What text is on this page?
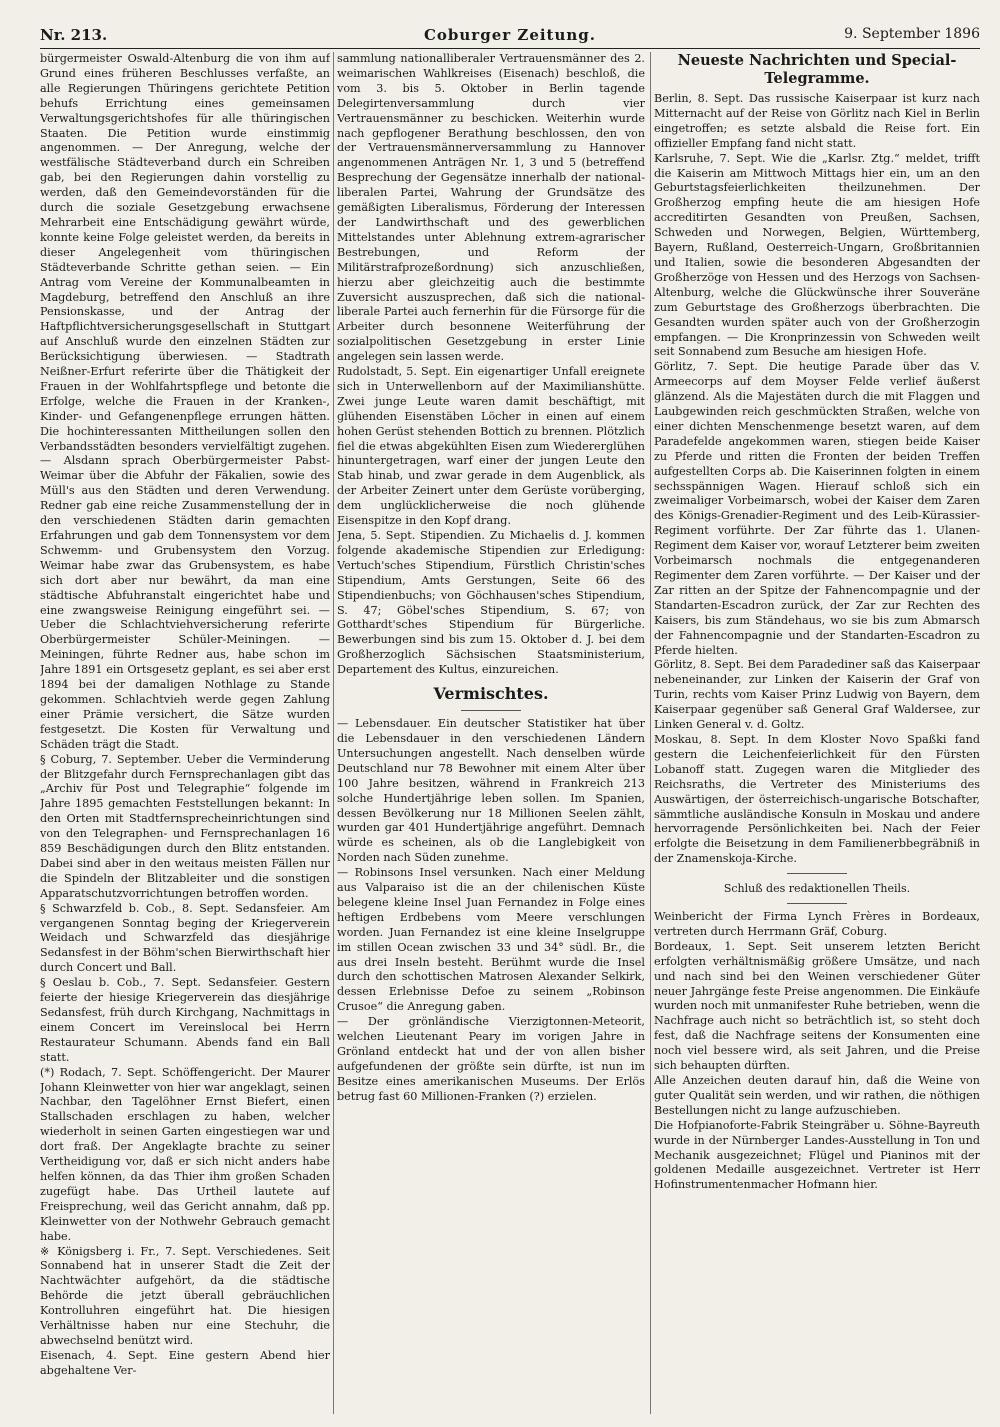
Nr. 213.	Coburger Zeitung.	9. September 1896

bürgermeister Oswald-Altenburg die von ihm auf Grund eines früheren Beschlusses verfaßte, an alle Regierungen Thüringens gerichtete Petition behufs Errichtung eines gemeinsamen Verwaltungsgerichtshofes für alle thüringischen Staaten. Die Petition wurde einstimmig angenommen. — Der Anregung, welche der westfälische Städteverband durch ein Schreiben gab, bei den Regierungen dahin vorstellig zu werden, daß den Gemeindevorständen für die durch die soziale Gesetzgebung erwachsene Mehrarbeit eine Entschädigung gewährt würde, konnte keine Folge geleistet werden, da bereits in dieser Angelegenheit vom thüringischen Städteverbande Schritte gethan seien. — Ein Antrag vom Vereine der Kommunalbeamten in Magdeburg, betreffend den Anschluß an ihre Pensionskasse, und der Antrag der Haftpflichtversicherungsgesellschaft in Stuttgart auf Anschluß wurde den einzelnen Städten zur Berücksichtigung überwiesen. — Stadtrath Neißner-Erfurt referirte über die Thätigkeit der Frauen in der Wohlfahrtspflege und betonte die Erfolge, welche die Frauen in der Kranken-, Kinder- und Gefangenenpflege errungen hätten. Die hochinteressanten Mittheilungen sollen den Verbandsstädten besonders vervielfältigt zugehen. — Alsdann sprach Oberbürgermeister Pabst-Weimar über die Abfuhr der Fäkalien, sowie des Müll's aus den Städten und deren Verwendung. Redner gab eine reiche Zusammenstellung der in den verschiedenen Städten darin gemachten Erfahrungen und gab dem Tonnensystem vor dem Schwemm- und Grubensystem den Vorzug. Weimar habe zwar das Grubensystem, es habe sich dort aber nur bewährt, da man eine städtische Abfuhranstalt eingerichtet habe und eine zwangsweise Reinigung eingeführt sei. — Ueber die Schlachtviehversicherung referirte Oberbürgermeister Schüler-Meiningen. — Meiningen, führte Redner aus, habe schon im Jahre 1891 ein Ortsgesetz geplant, es sei aber erst 1894 bei der damaligen Nothlage zu Stande gekommen. Schlachtvieh werde gegen Zahlung einer Prämie versichert, die Sätze wurden festgesetzt. Die Kosten für Verwaltung und Schäden trägt die Stadt.

§ Coburg, 7. September. Ueber die Verminderung der Blitzgefahr durch Fernsprechanlagen gibt das „Archiv für Post und Telegraphie“ folgende im Jahre 1895 gemachten Feststellungen bekannt: In den Orten mit Stadtfernsprecheinrichtungen sind von den Telegraphen- und Fernsprechanlagen 16 859 Beschädigungen durch den Blitz entstanden. Dabei sind aber in den weitaus meisten Fällen nur die Spindeln der Blitzableiter und die sonstigen Apparatschutzvorrichtungen betroffen worden.

§ Schwarzfeld b. Cob., 8. Sept. Sedansfeier. Am vergangenen Sonntag beging der Kriegerverein Weidach und Schwarzfeld das diesjährige Sedansfest in der Böhm'schen Bierwirthschaft hier durch Concert und Ball.

§ Oeslau b. Cob., 7. Sept. Sedansfeier. Gestern feierte der hiesige Kriegerverein das diesjährige Sedansfest, früh durch Kirchgang, Nachmittags in einem Concert im Vereinslocal bei Herrn Restaurateur Schumann. Abends fand ein Ball statt.

(*) Rodach, 7. Sept. Schöffengericht. Der Maurer Johann Kleinwetter von hier war angeklagt, seinen Nachbar, den Tagelöhner Ernst Biefert, einen Stallschaden erschlagen zu haben, welcher wiederholt in seinen Garten eingestiegen war und dort fraß. Der Angeklagte brachte zu seiner Vertheidigung vor, daß er sich nicht anders habe helfen können, da das Thier ihm großen Schaden zugefügt habe. Das Urtheil lautete auf Freisprechung, weil das Gericht annahm, daß pp. Kleinwetter von der Nothwehr Gebrauch gemacht habe.

※ Königsberg i. Fr., 7. Sept. Verschiedenes. Seit Sonnabend hat in unserer Stadt die Zeit der Nachtwächter aufgehört, da die städtische Behörde die jetzt überall gebräuchlichen Kontrolluhren eingeführt hat. Die hiesigen Verhältnisse haben nur eine Stechuhr, die abwechselnd benützt wird.

Eisenach, 4. Sept. Eine gestern Abend hier abgehaltene Ver-

sammlung nationalliberaler Vertrauensmänner des 2. weimarischen Wahlkreises (Eisenach) beschloß, die vom 3. bis 5. Oktober in Berlin tagende Delegirtenversammlung durch vier Vertrauensmänner zu beschicken. Weiterhin wurde nach gepflogener Berathung beschlossen, den von der Vertrauensmännerversammlung zu Hannover angenommenen Anträgen Nr. 1, 3 und 5 (betreffend Besprechung der Gegensätze innerhalb der national-liberalen Partei, Wahrung der Grundsätze des gemäßigten Liberalismus, Förderung der Interessen der Landwirthschaft und des gewerblichen Mittelstandes unter Ablehnung extrem-agrarischer Bestrebungen, und Reform der Militärstrafprozeßordnung) sich anzuschließen, hierzu aber gleichzeitig auch die bestimmte Zuversicht auszusprechen, daß sich die national-liberale Partei auch fernerhin für die Fürsorge für die Arbeiter durch besonnene Weiterführung der sozialpolitischen Gesetzgebung in erster Linie angelegen sein lassen werde.

Rudolstadt, 5. Sept. Ein eigenartiger Unfall ereignete sich in Unterwellenborn auf der Maximilianshütte. Zwei junge Leute waren damit beschäftigt, mit glühenden Eisenstäben Löcher in einen auf einem hohen Gerüst stehenden Bottich zu brennen. Plötzlich fiel die etwas abgekühlten Eisen zum Wiedererglühen hinuntergetragen, warf einer der jungen Leute den Stab hinab, und zwar gerade in dem Augenblick, als der Arbeiter Zeinert unter dem Gerüste vorüberging, dem unglücklicherweise die noch glühende Eisenspitze in den Kopf drang.

Jena, 5. Sept. Stipendien. Zu Michaelis d. J. kommen folgende akademische Stipendien zur Erledigung: Vertuch'sches Stipendium, Fürstlich Christin'sches Stipendium, Amts Gerstungen, Seite 66 des Stipendienbuchs; von Göchhausen'sches Stipendium, S. 47; Göbel'sches Stipendium, S. 67; von Gotthardt'sches Stipendium für Bürgerliche. Bewerbungen sind bis zum 15. Oktober d. J. bei dem Großherzoglich Sächsischen Staatsministerium, Departement des Kultus, einzureichen.

Vermischtes.

— Lebensdauer. Ein deutscher Statistiker hat über die Lebensdauer in den verschiedenen Ländern Untersuchungen angestellt. Nach denselben würde Deutschland nur 78 Bewohner mit einem Alter über 100 Jahre besitzen, während in Frankreich 213 solche Hundertjährige leben sollen. Im Spanien, dessen Bevölkerung nur 18 Millionen Seelen zählt, wurden gar 401 Hundertjährige angeführt. Demnach würde es scheinen, als ob die Langlebigkeit von Norden nach Süden zunehme.

— Robinsons Insel versunken. Nach einer Meldung aus Valparaiso ist die an der chilenischen Küste belegene kleine Insel Juan Fernandez in Folge eines heftigen Erdbebens vom Meere verschlungen worden. Juan Fernandez ist eine kleine Inselgruppe im stillen Ocean zwischen 33 und 34° südl. Br., die aus drei Inseln besteht. Berühmt wurde die Insel durch den schottischen Matrosen Alexander Selkirk, dessen Erlebnisse Defoe zu seinem „Robinson Crusoe“ die Anregung gaben.

— Der grönländische Vierzigtonnen-Meteorit, welchen Lieutenant Peary im vorigen Jahre in Grönland entdeckt hat und der von allen bisher aufgefundenen der größte sein dürfte, ist nun im Besitze eines amerikanischen Museums. Der Erlös betrug fast 60 Millionen-Franken (?) erzielen.

Neueste Nachrichten und Special-Telegramme.

Berlin, 8. Sept. Das russische Kaiserpaar ist kurz nach Mitternacht auf der Reise von Görlitz nach Kiel in Berlin eingetroffen; es setzte alsbald die Reise fort. Ein offizieller Empfang fand nicht statt.

Karlsruhe, 7. Sept. Wie die „Karlsr. Ztg.“ meldet, trifft die Kaiserin am Mittwoch Mittags hier ein, um an den Geburtstagsfeierlichkeiten theilzunehmen. Der Großherzog empfing heute die am hiesigen Hofe accreditirten Gesandten von Preußen, Sachsen, Schweden und Norwegen, Belgien, Württemberg, Bayern, Rußland, Oesterreich-Ungarn, Großbritannien und Italien, sowie die besonderen Abgesandten der Großherzöge von Hessen und des Herzogs von Sachsen-Altenburg, welche die Glückwünsche ihrer Souveräne zum Geburtstage des Großherzogs überbrachten. Die Gesandten wurden später auch von der Großherzogin empfangen. — Die Kronprinzessin von Schweden weilt seit Sonnabend zum Besuche am hiesigen Hofe.

Görlitz, 7. Sept. Die heutige Parade über das V. Armeecorps auf dem Moyser Felde verlief äußerst glänzend. Als die Majestäten durch die mit Flaggen und Laubgewinden reich geschmückten Straßen, welche von einer dichten Menschenmenge besetzt waren, auf dem Paradefelde angekommen waren, stiegen beide Kaiser zu Pferde und ritten die Fronten der beiden Treffen aufgestellten Corps ab. Die Kaiserinnen folgten in einem sechsspännigen Wagen. Hierauf schloß sich ein zweimaliger Vorbeimarsch, wobei der Kaiser dem Zaren des Königs-Grenadier-Regiment und des Leib-Kürassier-Regiment vorführte. Der Zar führte das 1. Ulanen-Regiment dem Kaiser vor, worauf Letzterer beim zweiten Vorbeimarsch nochmals die entgegenanderen Regimenter dem Zaren vorführte. — Der Kaiser und der Zar ritten an der Spitze der Fahnencompagnie und der Standarten-Escadron zurück, der Zar zur Rechten des Kaisers, bis zum Ständehaus, wo sie bis zum Abmarsch der Fahnencompagnie und der Standarten-Escadron zu Pferde hielten.

Görlitz, 8. Sept. Bei dem Paradediner saß das Kaiserpaar nebeneinander, zur Linken der Kaiserin der Graf von Turin, rechts vom Kaiser Prinz Ludwig von Bayern, dem Kaiserpaar gegenüber saß General Graf Waldersee, zur Linken General v. d. Goltz.

Moskau, 8. Sept. In dem Kloster Novo Spaßki fand gestern die Leichenfeierlichkeit für den Fürsten Lobanoff statt. Zugegen waren die Mitglieder des Reichsraths, die Vertreter des Ministeriums des Auswärtigen, der österreichisch-ungarische Botschafter, sämmtliche ausländische Konsuln in Moskau und andere hervorragende Persönlichkeiten bei. Nach der Feier erfolgte die Beisetzung in dem Familienerbbegräbniß in der Znamenskoja-Kirche.

Schluß des redaktionellen Theils.

Weinbericht der Firma Lynch Frères in Bordeaux, vertreten durch Herrmann Gräf, Coburg.

Bordeaux, 1. Sept. Seit unserem letzten Bericht erfolgten verhältnismäßig größere Umsätze, und nach und nach sind bei den Weinen verschiedener Güter neuer Jahrgänge feste Preise angenommen. Die Einkäufe wurden noch mit unmanifester Ruhe betrieben, wenn die Nachfrage auch nicht so beträchtlich ist, so steht doch fest, daß die Nachfrage seitens der Konsumenten eine noch viel bessere wird, als seit Jahren, und die Preise sich behaupten dürften.

Alle Anzeichen deuten darauf hin, daß die Weine von guter Qualität sein werden, und wir rathen, die nöthigen Bestellungen nicht zu lange aufzuschieben.

Die Hofpianoforte-Fabrik Steingräber u. Söhne-Bayreuth wurde in der Nürnberger Landes-Ausstellung in Ton und Mechanik ausgezeichnet; Flügel und Pianinos mit der goldenen Medaille ausgezeichnet. Vertreter ist Herr Hofinstrumentenmacher Hofmann hier.
